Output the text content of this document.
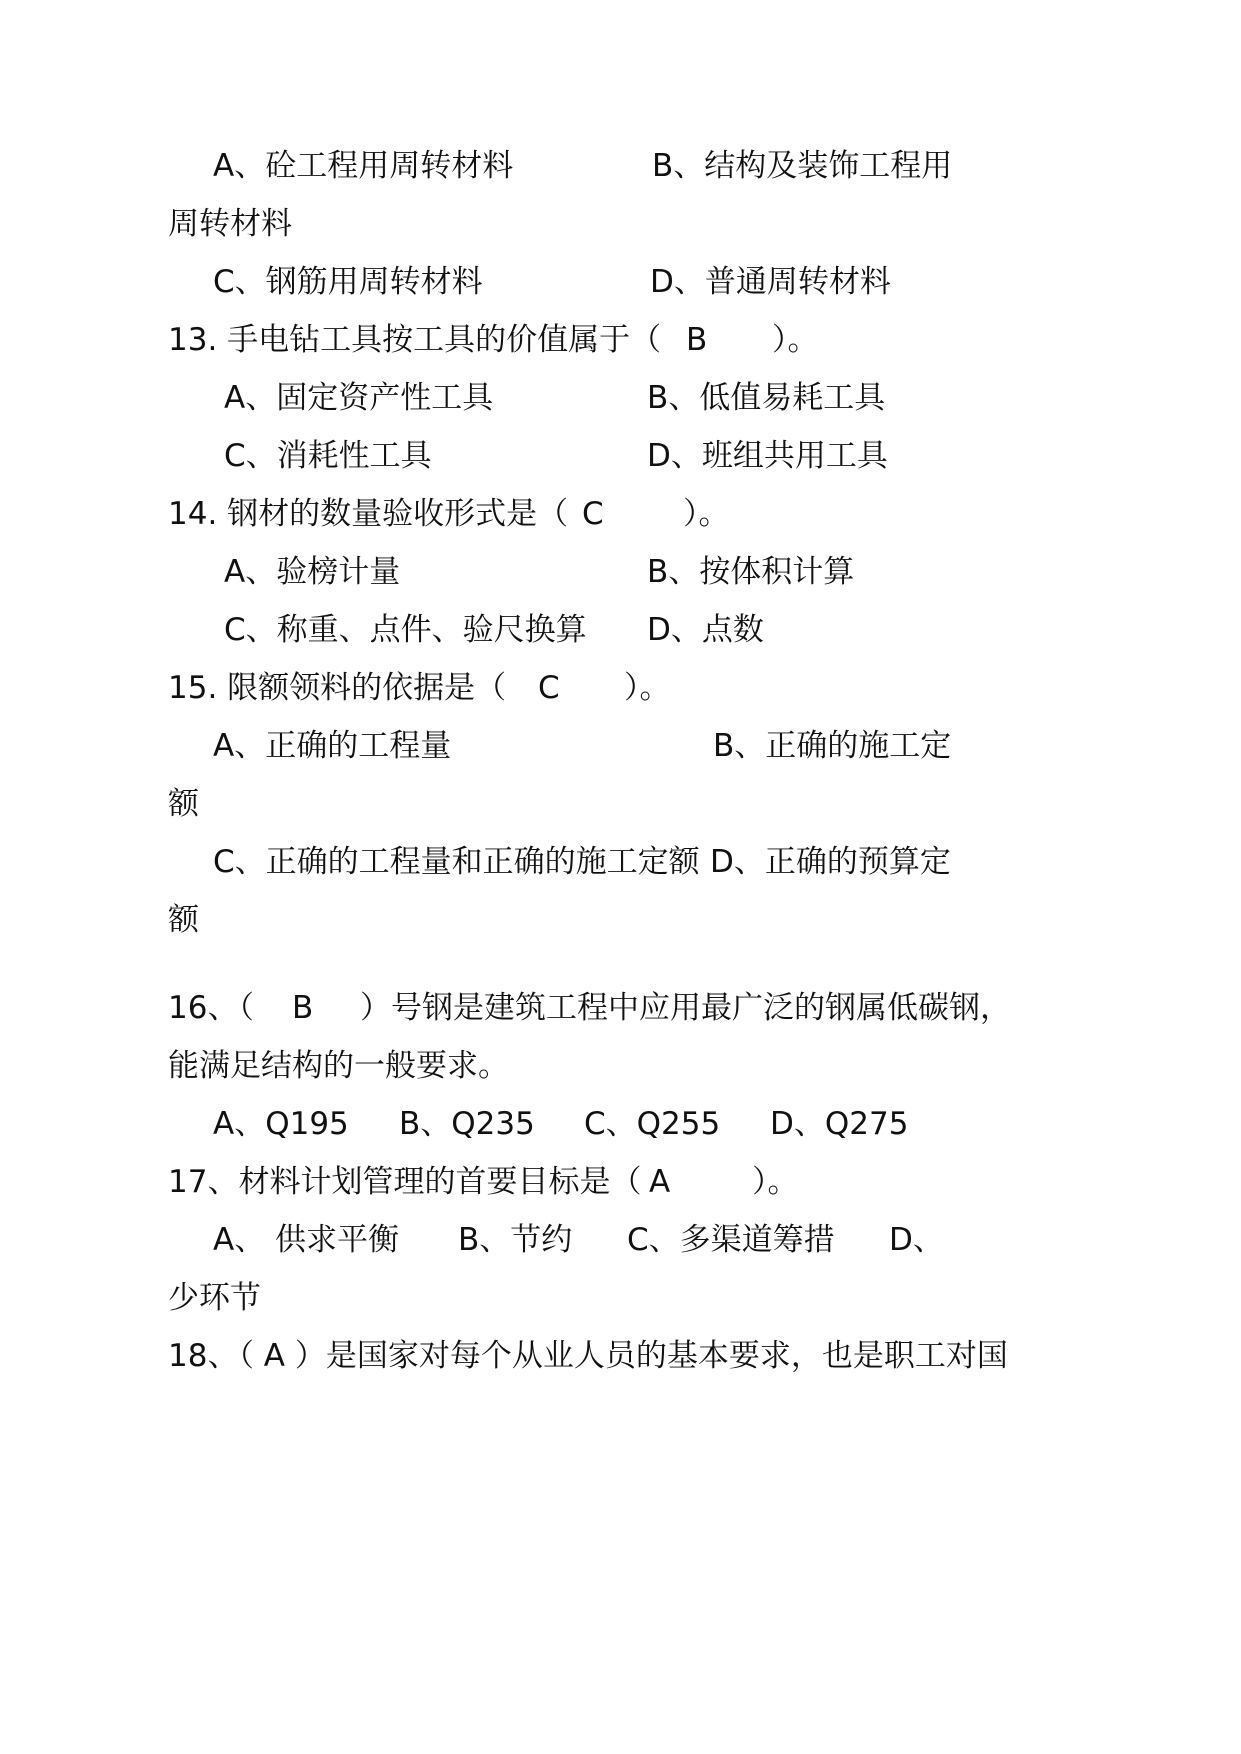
A、砼工程用周转材料	B、结构及装饰工程用
周转材料
C、钢筋用周转材料	D、普通周转材料
13. 手电钻工具按工具的价值属于（ B ）。
A、固定资产性工具	B、低值易耗工具
C、消耗性工具	D、班组共用工具
14. 钢材的数量验收形式是（ C	）。
A、验榜计量	B、按体积计算
C、称重、点件、验尺换算 D、点数
15. 限额领料的依据是（ C ）。
A、正确的工程量	B、正确的施工定
额
C、正确的工程量和正确的施工定额 D、正确的预算定
额
16、（ B ）号钢是建筑工程中应用最广泛的钢属低碳钢，
能满足结构的一般要求。
A、Q195 B、Q235 C、Q255 D、Q275
17、材料计划管理的首要目标是（ A	）。
A、 供求平衡 B、节约 C、多渠道筹措 D、
少环节
18、（ A ）是国家对每个从业人员的基本要求，也是职工对国
